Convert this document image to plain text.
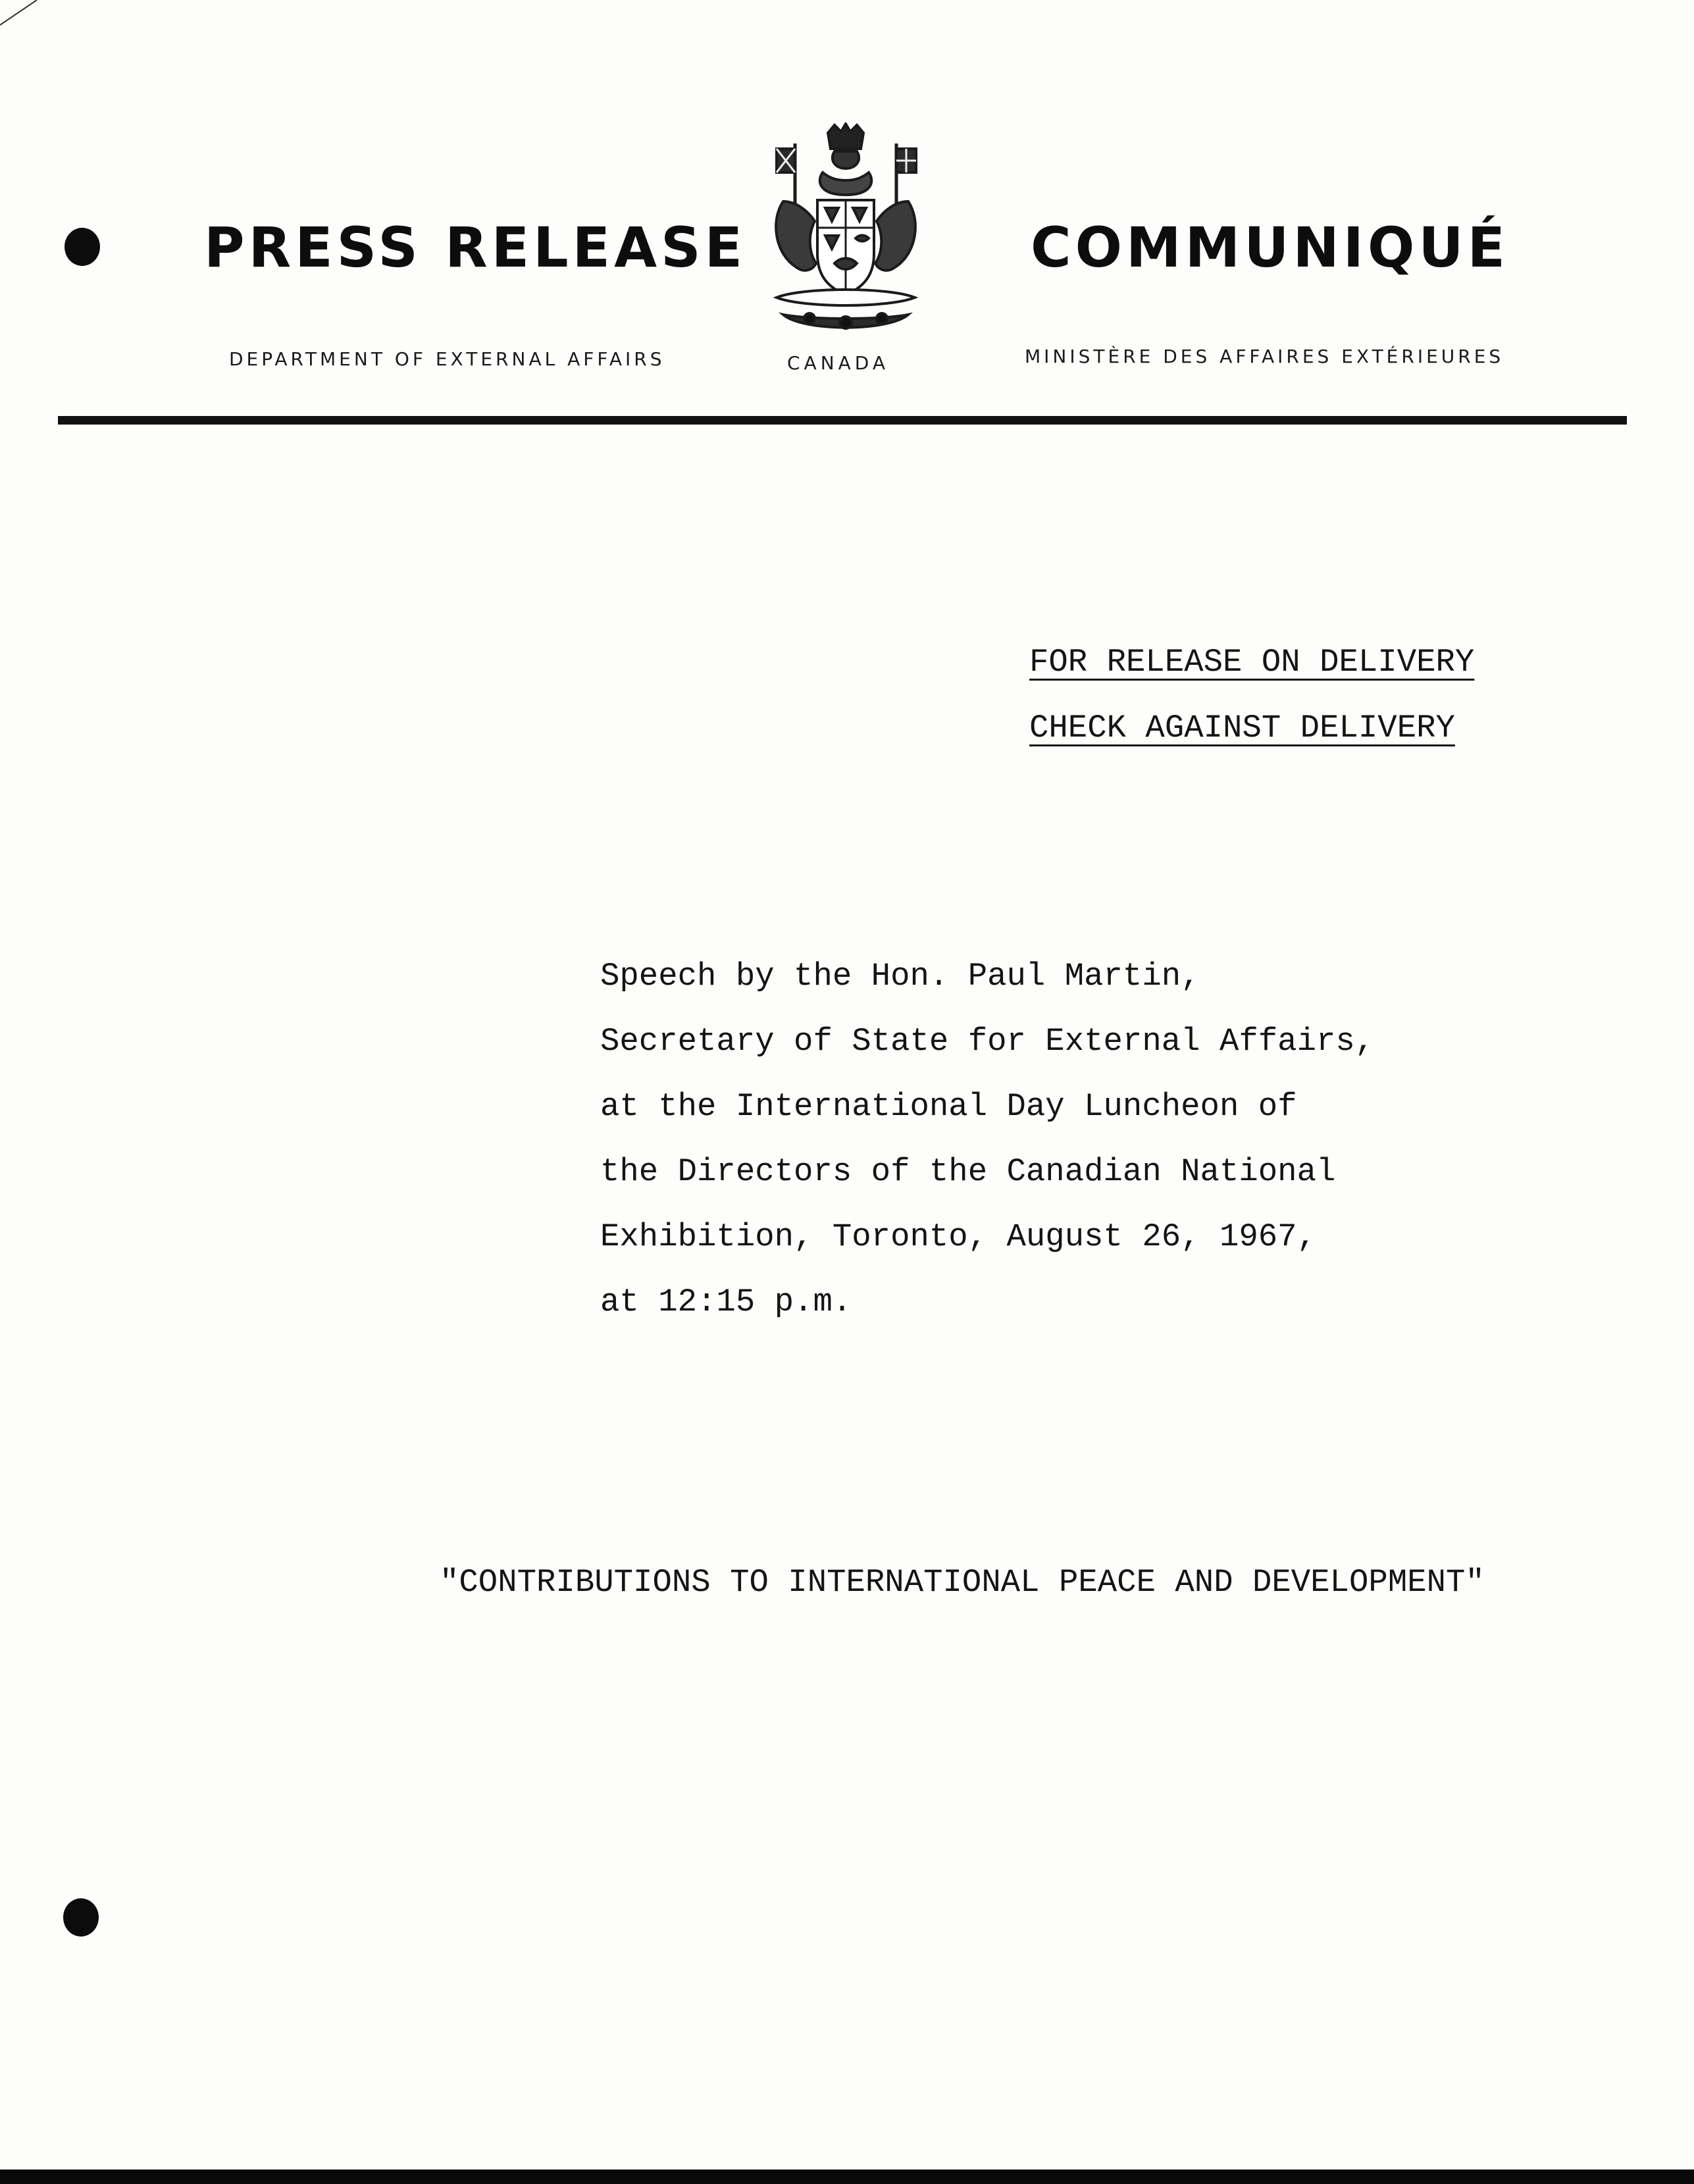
PRESS RELEASE	COMMUNIQUÉ
DEPARTMENT OF EXTERNAL AFFAIRS	CANADA	MINISTÈRE DES AFFAIRES EXTÉRIEURES
FOR RELEASE ON DELIVERY
CHECK AGAINST DELIVERY
Speech by the Hon. Paul Martin,
Secretary of State for External Affairs,
at the International Day Luncheon of
the Directors of the Canadian National
Exhibition, Toronto, August 26, 1967,
at 12:15 p.m.
"CONTRIBUTIONS TO INTERNATIONAL PEACE AND DEVELOPMENT"
